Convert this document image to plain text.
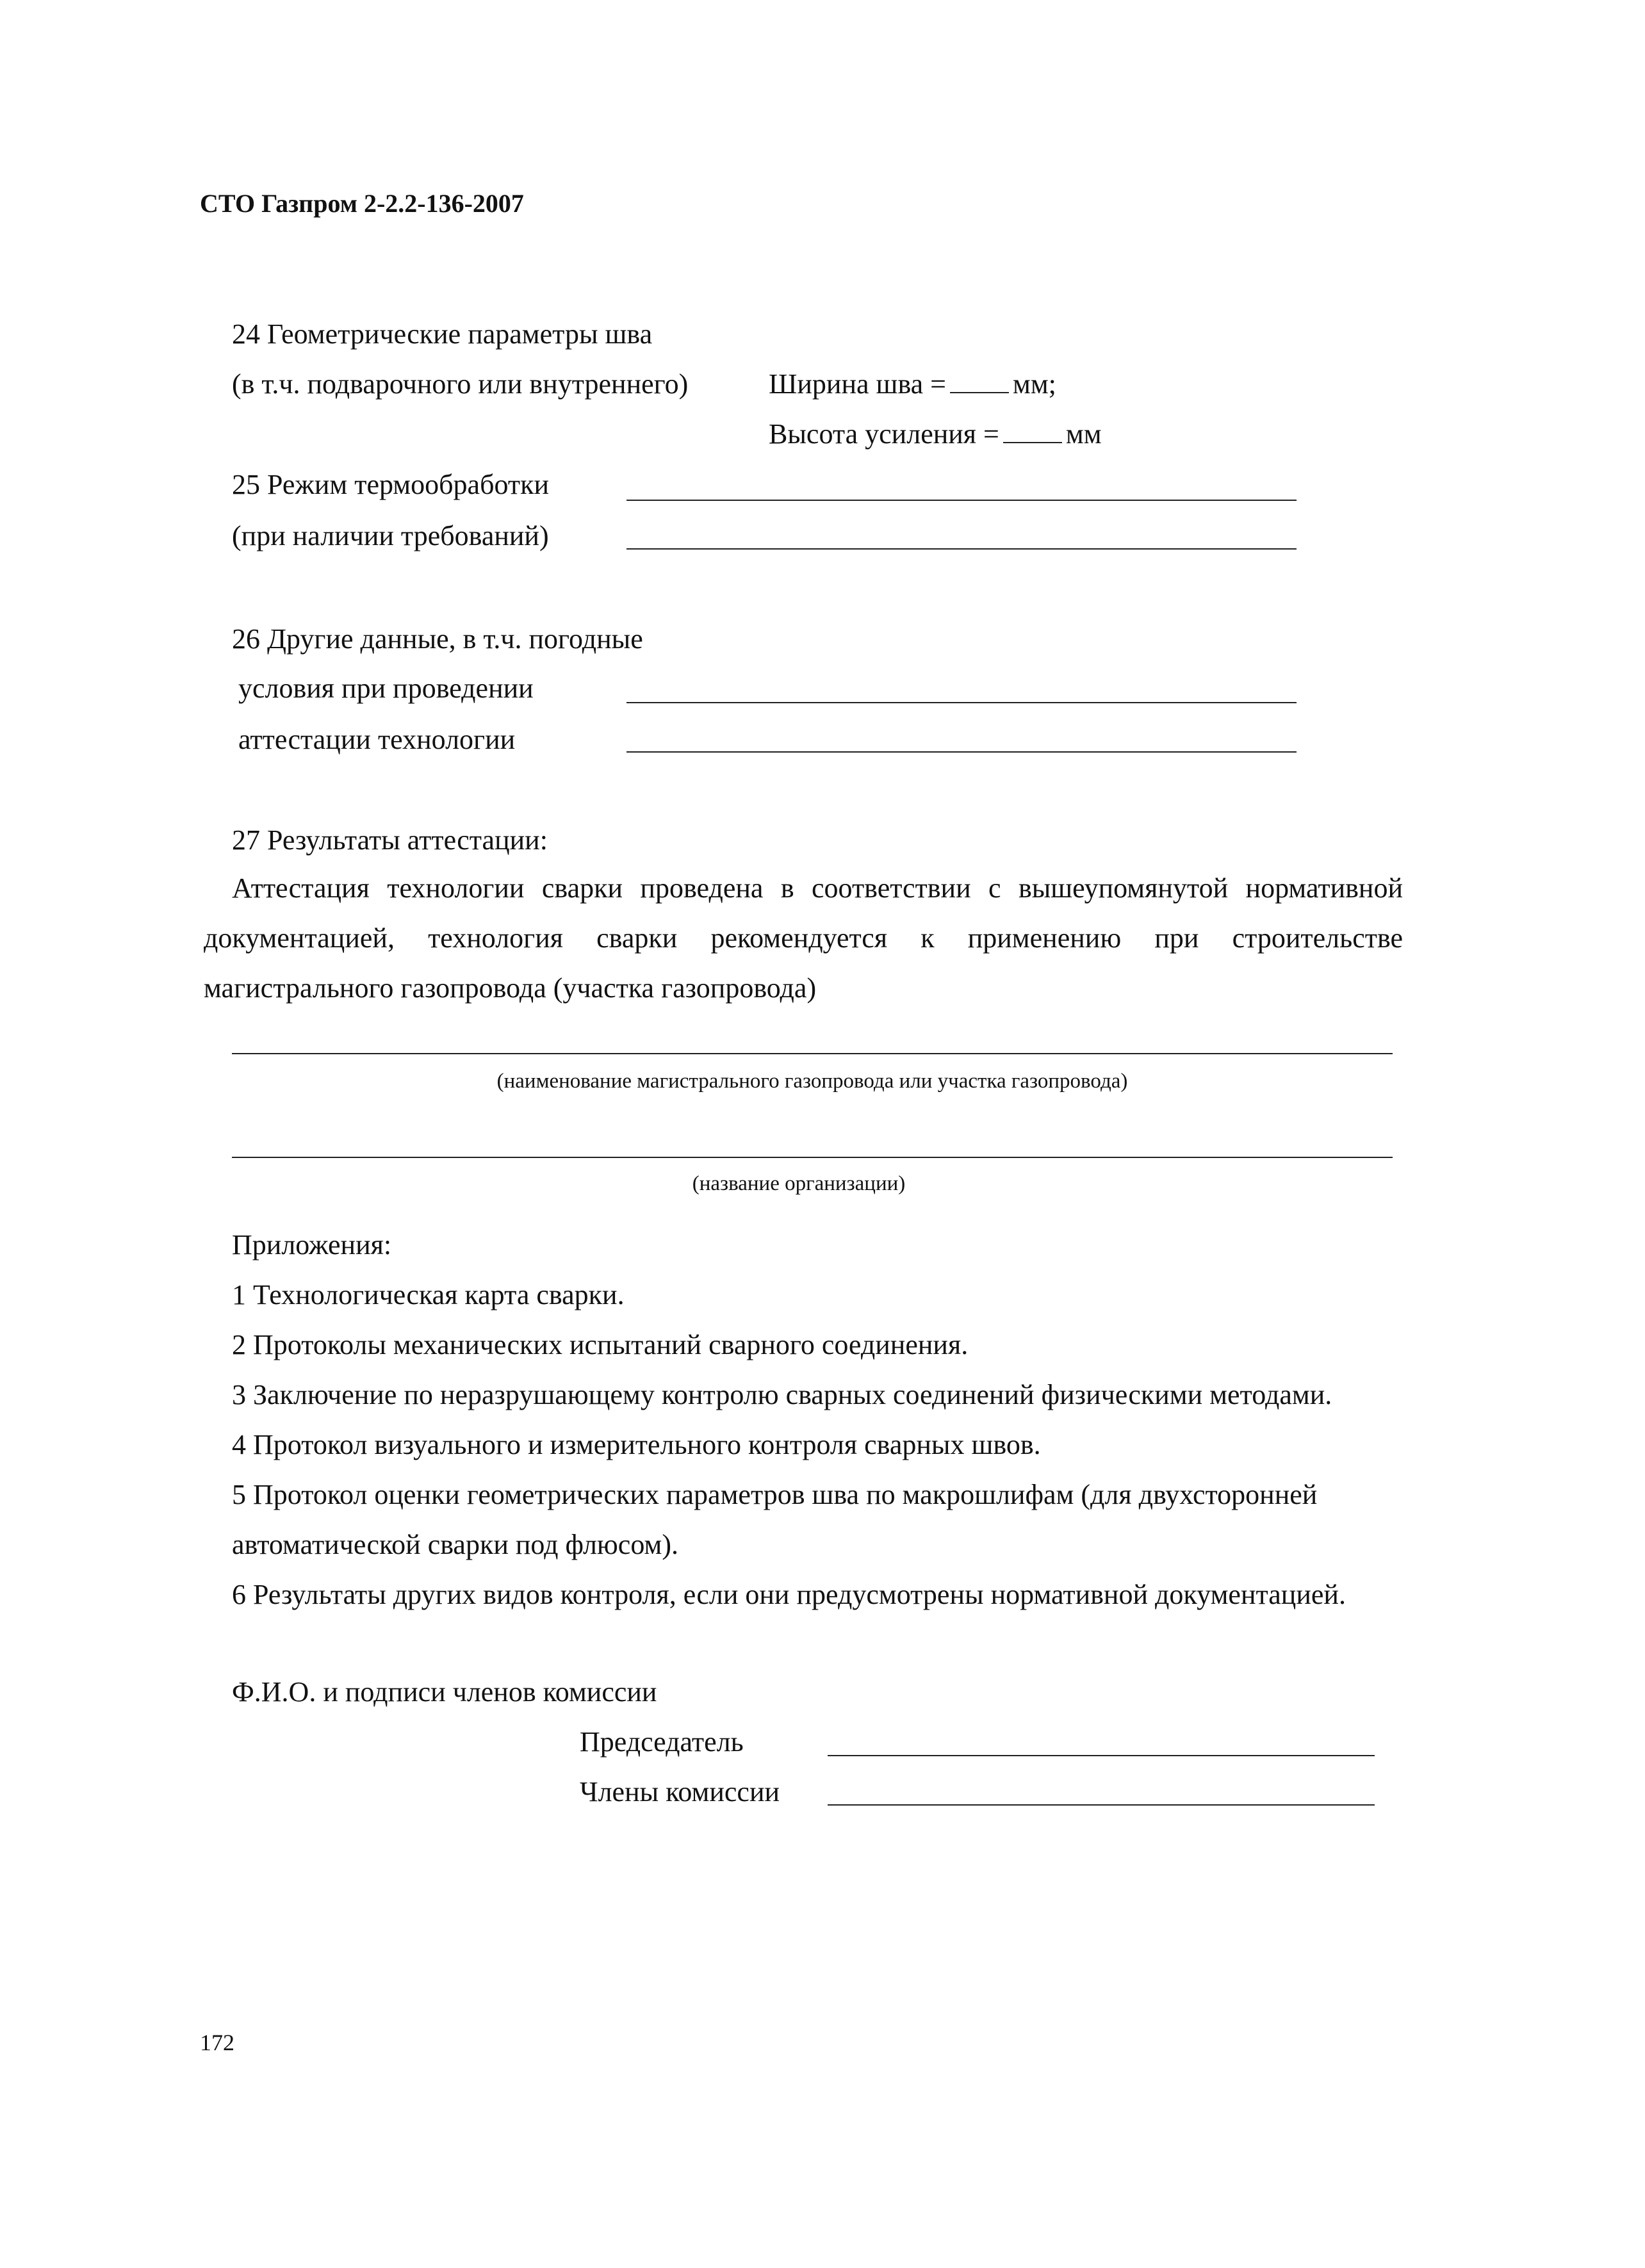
СТО Газпром 2-2.2-136-2007
24 Геометрические параметры шва
(в т.ч. подварочного или внутреннего)	Ширина шва = мм;
Высота усиления = мм
25 Режим термообработки
(при наличии требований)
26 Другие данные, в т.ч. погодные
условия при проведении
аттестации технологии
27 Результаты аттестации:
Аттестация технологии сварки проведена в соответствии с вышеупомянутой нормативной документацией, технология сварки рекомендуется к применению при строительстве магистрального газопровода (участка газопровода)
(наименование магистрального газопровода или участка газопровода)
(название организации)
Приложения:
1 Технологическая карта сварки.
2 Протоколы механических испытаний сварного соединения.
3 Заключение по неразрушающему контролю сварных соединений физическими методами.
4 Протокол визуального и измерительного контроля сварных швов.
5 Протокол оценки геометрических параметров шва по макрошлифам (для двухсторонней
автоматической сварки под флюсом).
6 Результаты других видов контроля, если они предусмотрены нормативной документацией.
Ф.И.О. и подписи членов комиссии
Председатель
Члены комиссии
172
